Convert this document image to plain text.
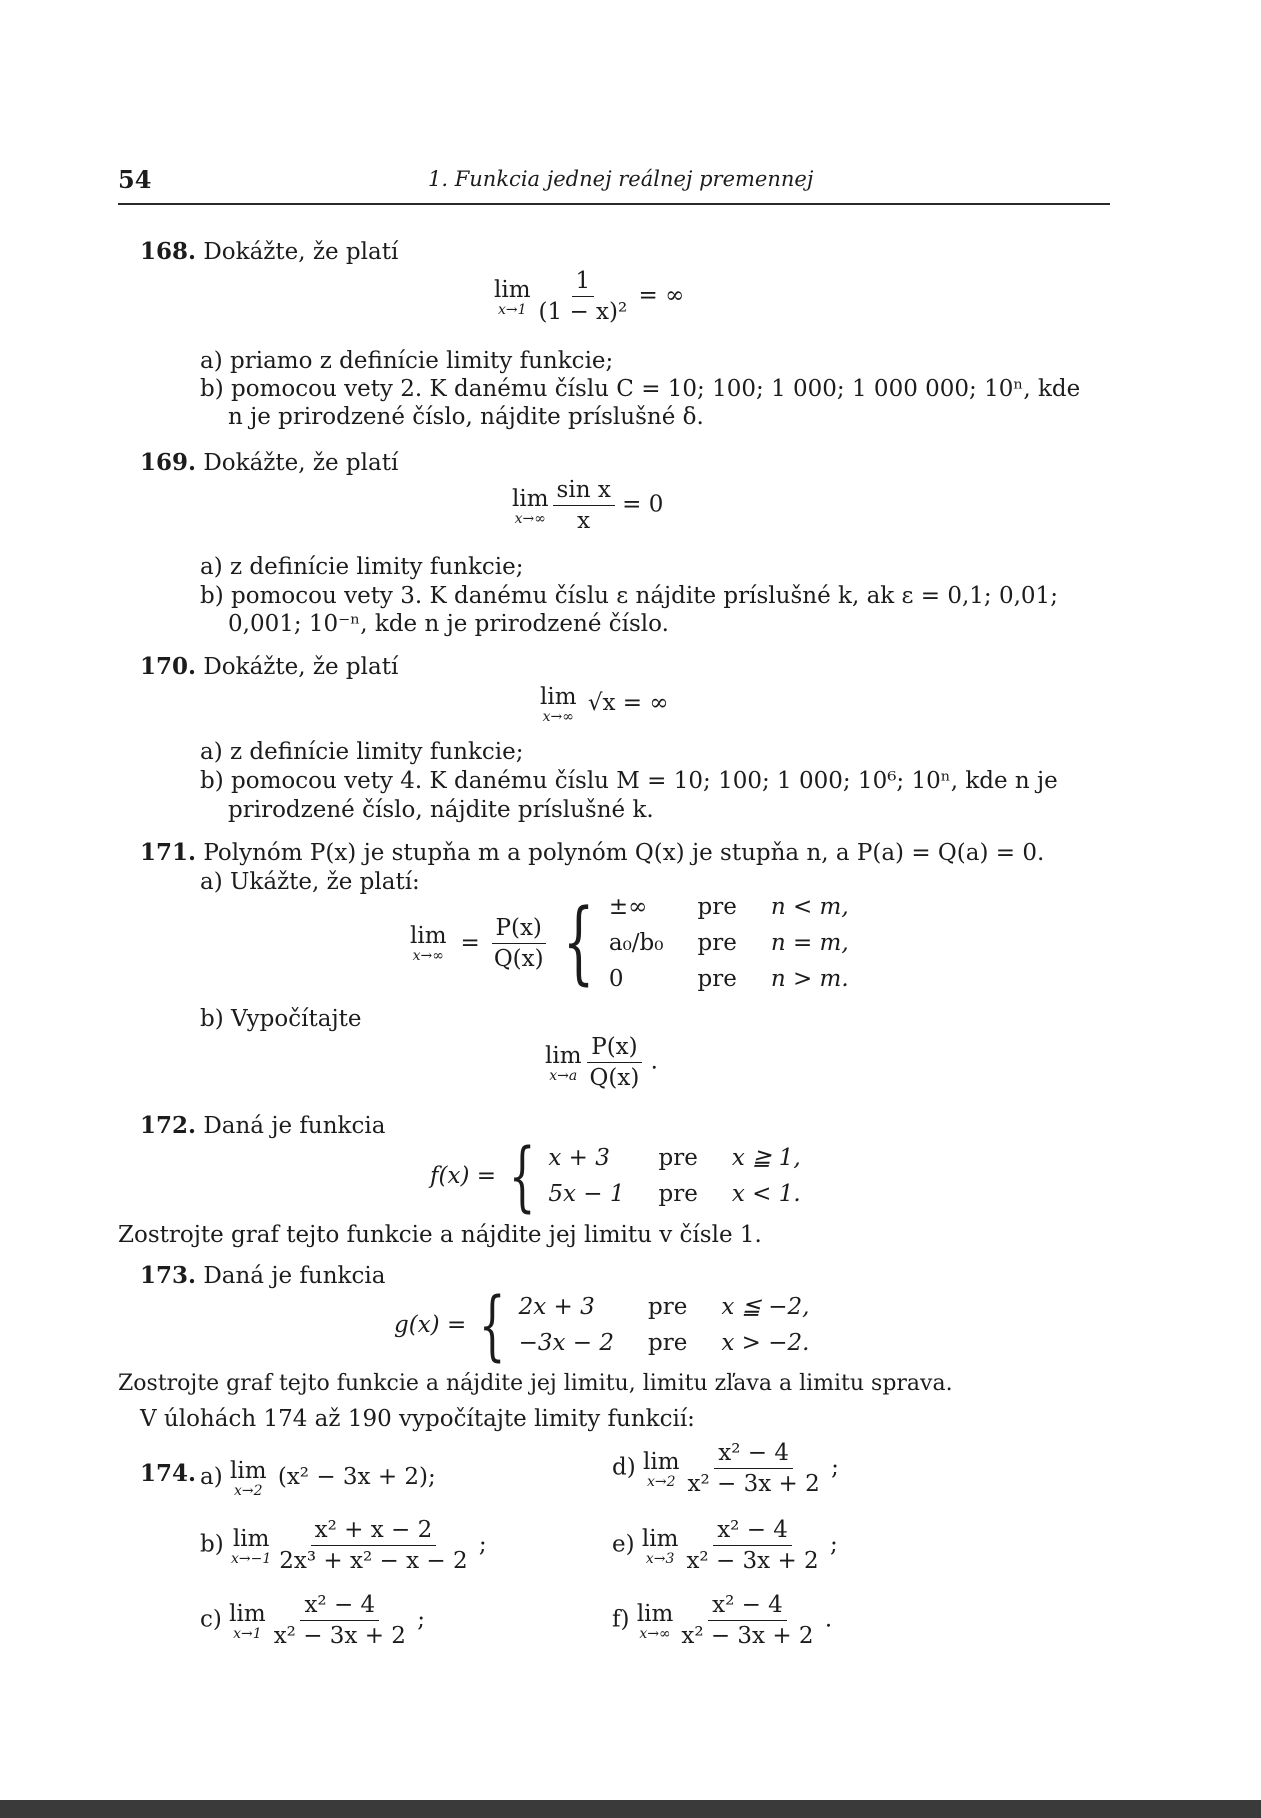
54	1. Funkcia jednej reálnej premennej
168. Dokážte, že platí
lim
$x\to 1 \frac{1}{\text{(1 − x)²}}$ = ∞
a) priamo z definície limity funkcie;
b) pomocou vety 2. K danému číslu C = 10; 100; 1 000; 1 000 000; 10ⁿ, kde
n je prirodzené číslo, nájdite príslušné δ.
169. Dokážte, že platí
lim
$x\to\infty \frac{\text{sin x}}{x} = 0$
a) z definície limity funkcie;
b) pomocou vety 3. K danému číslu ε nájdite príslušné k, ak ε = 0,1; 0,01;
0,001; 10⁻ⁿ, kde n je prirodzené číslo.
170. Dokážte, že platí
lim
x→∞
√x = ∞
a) z definície limity funkcie;
b) pomocou vety 4. K danému číslu M = 10; 100; 1 000; 10⁶; 10ⁿ, kde n je
prirodzené číslo, nájdite príslušné k.
171. Polynóm P(x) je stupňa m a polynóm Q(x) je stupňa n, a P(a) = Q(a) = 0.
a) Ukážte, že platí:
lim
$x\to\infty = \frac{P(x)}{Q(x)}$ { ±∞	pre n < m,
a₀/b₀ pre n = m,
0	pre n > m.
b) Vypočítajte
lim
$x\to a \frac{P(x)}{Q(x)}$ .
172. Daná je funkcia
f(x) = { x + 3	pre x ≧ 1,
5x − 1 pre x < 1.
Zostrojte graf tejto funkcie a nájdite jej limitu v čísle 1.
173. Daná je funkcia
g(x) = { 2x + 3	pre x ≦ −2,
−3x − 2 pre x > −2.
Zostrojte graf tejto funkcie a nájdite jej limitu, limitu zľava a limitu sprava.
V úlohách 174 až 190 vypočítajte limity funkcií:
174. a) lim
x→2
(x² − 3x + 2);
b) lim
$x\to-1 \frac{\text{x² + x − 2}}{\text{2x³ + x² − x − 2}}$ ;
c) lim
$x\to 1 \frac{\text{x² − 4}}{\text{x² − 3x + 2}}$ ;
d) lim
$x\to 2 \frac{\text{x² − 4}}{\text{x² − 3x + 2}}$ ;
e) lim
$x\to 3 \frac{\text{x² − 4}}{\text{x² − 3x + 2}}$ ;
f) lim
$x\to\infty \frac{\text{x² − 4}}{\text{x² − 3x + 2}}$ .
